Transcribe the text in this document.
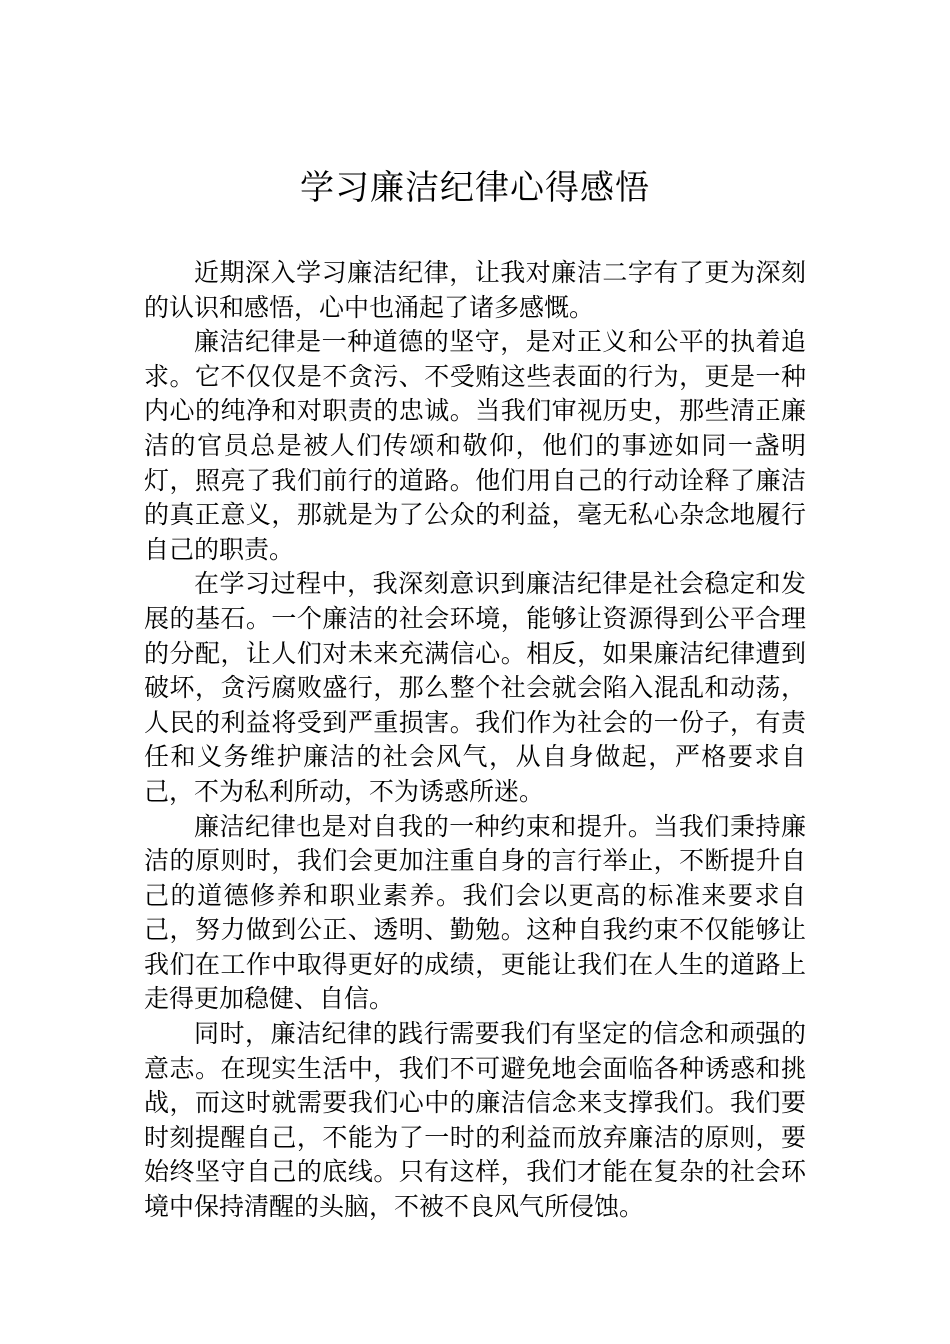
学习廉洁纪律心得感悟

近期深入学习廉洁纪律，让我对廉洁二字有了更为深刻的认识和感悟，心中也涌起了诸多感慨。

廉洁纪律是一种道德的坚守，是对正义和公平的执着追求。它不仅仅是不贪污、不受贿这些表面的行为，更是一种内心的纯净和对职责的忠诚。当我们审视历史，那些清正廉洁的官员总是被人们传颂和敬仰，他们的事迹如同一盏明灯，照亮了我们前行的道路。他们用自己的行动诠释了廉洁的真正意义，那就是为了公众的利益，毫无私心杂念地履行自己的职责。

在学习过程中，我深刻意识到廉洁纪律是社会稳定和发展的基石。一个廉洁的社会环境，能够让资源得到公平合理的分配，让人们对未来充满信心。相反，如果廉洁纪律遭到破坏，贪污腐败盛行，那么整个社会就会陷入混乱和动荡，人民的利益将受到严重损害。我们作为社会的一份子，有责任和义务维护廉洁的社会风气，从自身做起，严格要求自己，不为私利所动，不为诱惑所迷。

廉洁纪律也是对自我的一种约束和提升。当我们秉持廉洁的原则时，我们会更加注重自身的言行举止，不断提升自己的道德修养和职业素养。我们会以更高的标准来要求自己，努力做到公正、透明、勤勉。这种自我约束不仅能够让我们在工作中取得更好的成绩，更能让我们在人生的道路上走得更加稳健、自信。

同时，廉洁纪律的践行需要我们有坚定的信念和顽强的意志。在现实生活中，我们不可避免地会面临各种诱惑和挑战，而这时就需要我们心中的廉洁信念来支撑我们。我们要时刻提醒自己，不能为了一时的利益而放弃廉洁的原则，要始终坚守自己的底线。只有这样，我们才能在复杂的社会环境中保持清醒的头脑，不被不良风气所侵蚀。
